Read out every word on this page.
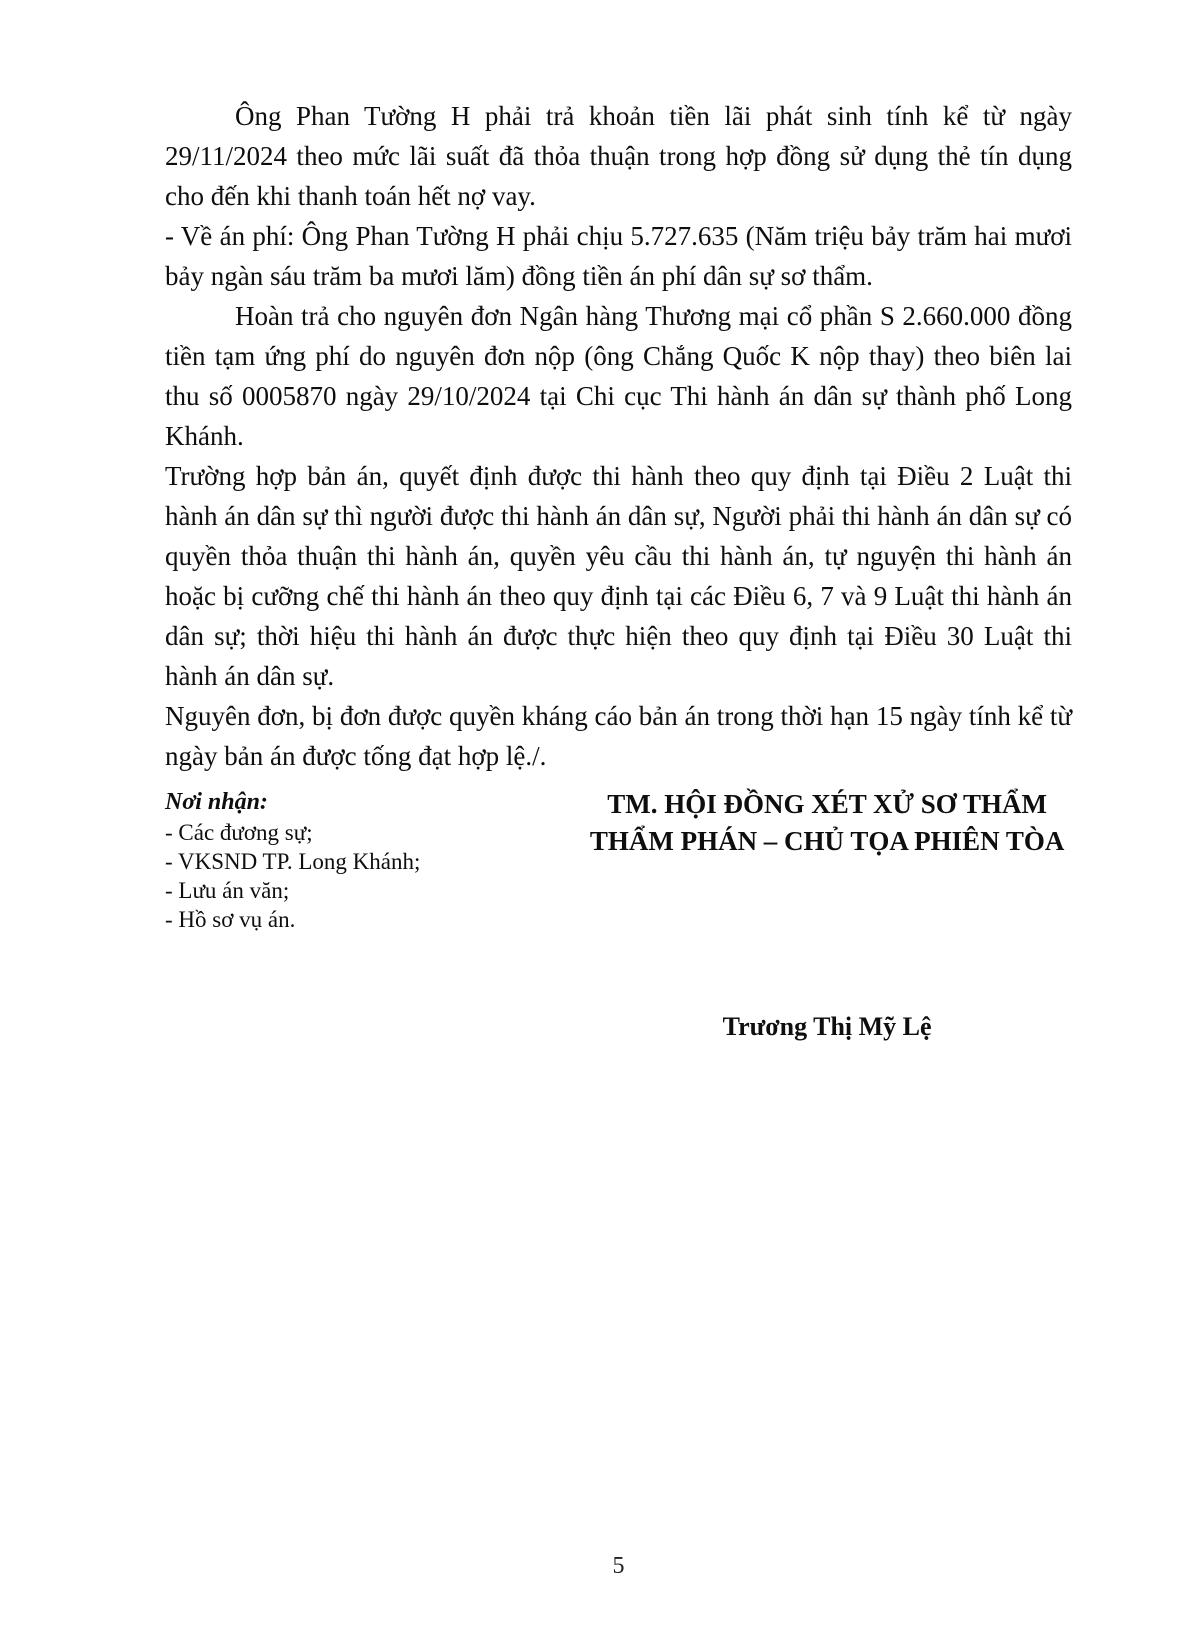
Ông Phan Tường H phải trả khoản tiền lãi phát sinh tính kể từ ngày 29/11/2024 theo mức lãi suất đã thỏa thuận trong hợp đồng sử dụng thẻ tín dụng cho đến khi thanh toán hết nợ vay.

- Về án phí: Ông Phan Tường H phải chịu 5.727.635 (Năm triệu bảy trăm hai mươi bảy ngàn sáu trăm ba mươi lăm) đồng tiền án phí dân sự sơ thẩm.

Hoàn trả cho nguyên đơn Ngân hàng Thương mại cổ phần S 2.660.000 đồng tiền tạm ứng phí do nguyên đơn nộp (ông Chắng Quốc K nộp thay) theo biên lai thu số 0005870 ngày 29/10/2024 tại Chi cục Thi hành án dân sự thành phố Long Khánh.

Trường hợp bản án, quyết định được thi hành theo quy định tại Điều 2 Luật thi hành án dân sự thì người được thi hành án dân sự, Người phải thi hành án dân sự có quyền thỏa thuận thi hành án, quyền yêu cầu thi hành án, tự nguyện thi hành án hoặc bị cưỡng chế thi hành án theo quy định tại các Điều 6, 7 và 9 Luật thi hành án dân sự; thời hiệu thi hành án được thực hiện theo quy định tại Điều 30 Luật thi hành án dân sự.

Nguyên đơn, bị đơn được quyền kháng cáo bản án trong thời hạn 15 ngày tính kể từ ngày bản án được tống đạt hợp lệ./.

Nơi nhận:

- Các đương sự;
- VKSND TP. Long Khánh;
- Lưu án văn;
- Hồ sơ vụ án.

TM. HỘI ĐỒNG XÉT XỬ SƠ THẨM

THẨM PHÁN – CHỦ TỌA PHIÊN TÒA

Trương Thị Mỹ Lệ
5
